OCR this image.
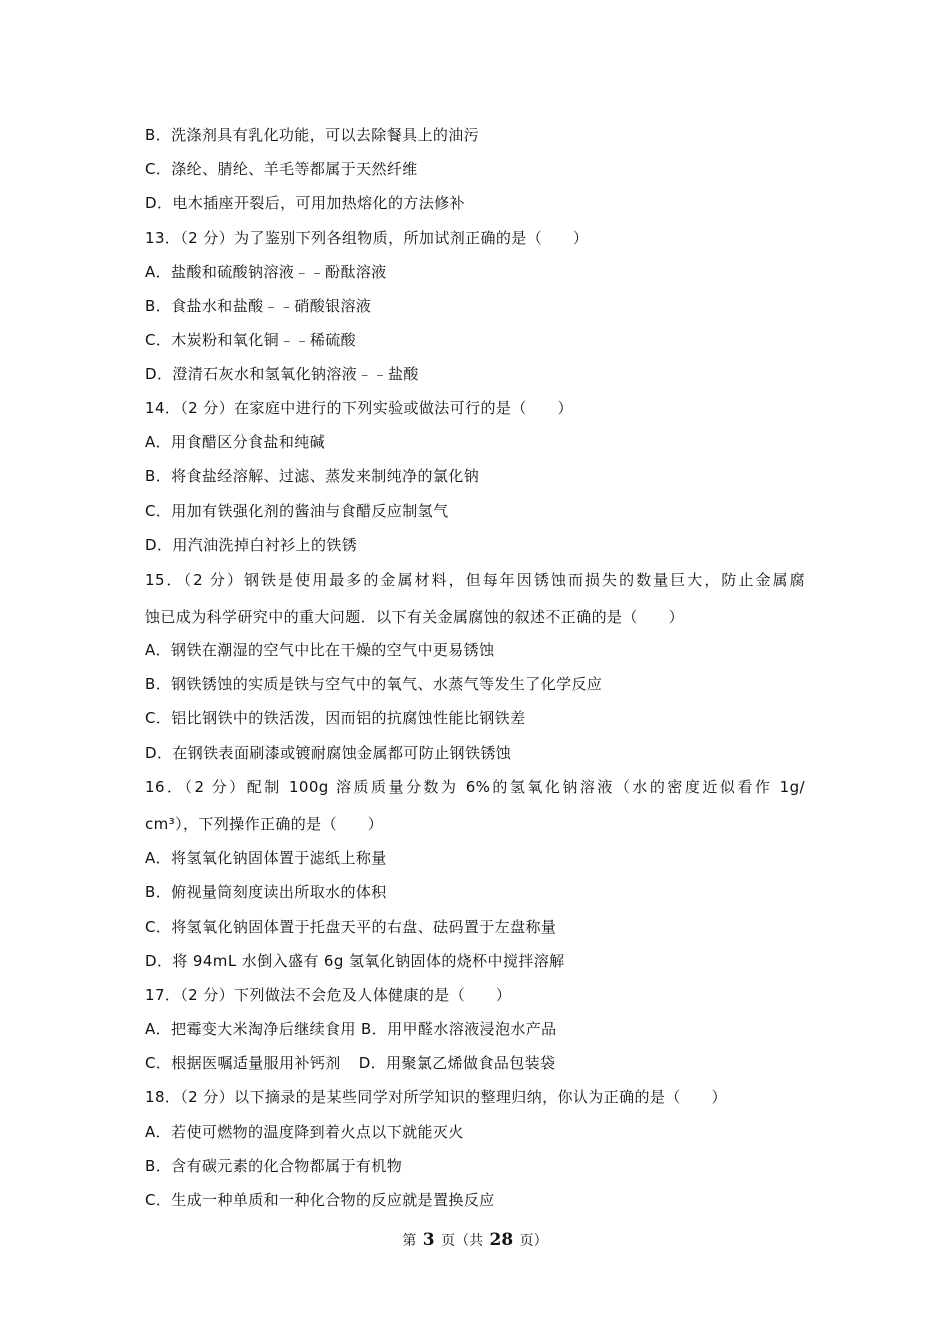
B．洗涤剂具有乳化功能，可以去除餐具上的油污

C．涤纶、腈纶、羊毛等都属于天然纤维

D．电木插座开裂后，可用加热熔化的方法修补

13．（2 分）为了鉴别下列各组物质，所加试剂正确的是（　　）

A．盐酸和硫酸钠溶液﹣﹣酚酞溶液

B．食盐水和盐酸﹣﹣硝酸银溶液

C．木炭粉和氧化铜﹣﹣稀硫酸

D．澄清石灰水和氢氧化钠溶液﹣﹣盐酸

14．（2 分）在家庭中进行的下列实验或做法可行的是（　　）

A．用食醋区分食盐和纯碱

B．将食盐经溶解、过滤、蒸发来制纯净的氯化钠

C．用加有铁强化剂的酱油与食醋反应制氢气

D．用汽油洗掉白衬衫上的铁锈

15．（2 分）钢铁是使用最多的金属材料，但每年因锈蚀而损失的数量巨大，防止金属腐

蚀已成为科学研究中的重大问题．以下有关金属腐蚀的叙述不正确的是（　　）

A．钢铁在潮湿的空气中比在干燥的空气中更易锈蚀

B．钢铁锈蚀的实质是铁与空气中的氧气、水蒸气等发生了化学反应

C．铝比钢铁中的铁活泼，因而铝的抗腐蚀性能比钢铁差

D．在钢铁表面刷漆或镀耐腐蚀金属都可防止钢铁锈蚀

16．（2 分）配制 100g 溶质质量分数为 6%的氢氧化钠溶液（水的密度近似看作 1g/

cm³），下列操作正确的是（　　）

A．将氢氧化钠固体置于滤纸上称量

B．俯视量筒刻度读出所取水的体积

C．将氢氧化钠固体置于托盘天平的右盘、砝码置于左盘称量

D．将 94mL 水倒入盛有 6g 氢氧化钠固体的烧杯中搅拌溶解

17．（2 分）下列做法不会危及人体健康的是（　　）

A．把霉变大米淘净后继续食用 B．用甲醛水溶液浸泡水产品

C．根据医嘱适量服用补钙剂 D．用聚氯乙烯做食品包装袋

18．（2 分）以下摘录的是某些同学对所学知识的整理归纳，你认为正确的是（　　）

A．若使可燃物的温度降到着火点以下就能灭火

B．含有碳元素的化合物都属于有机物

C．生成一种单质和一种化合物的反应就是置换反应

第 3 页（共 28 页）
